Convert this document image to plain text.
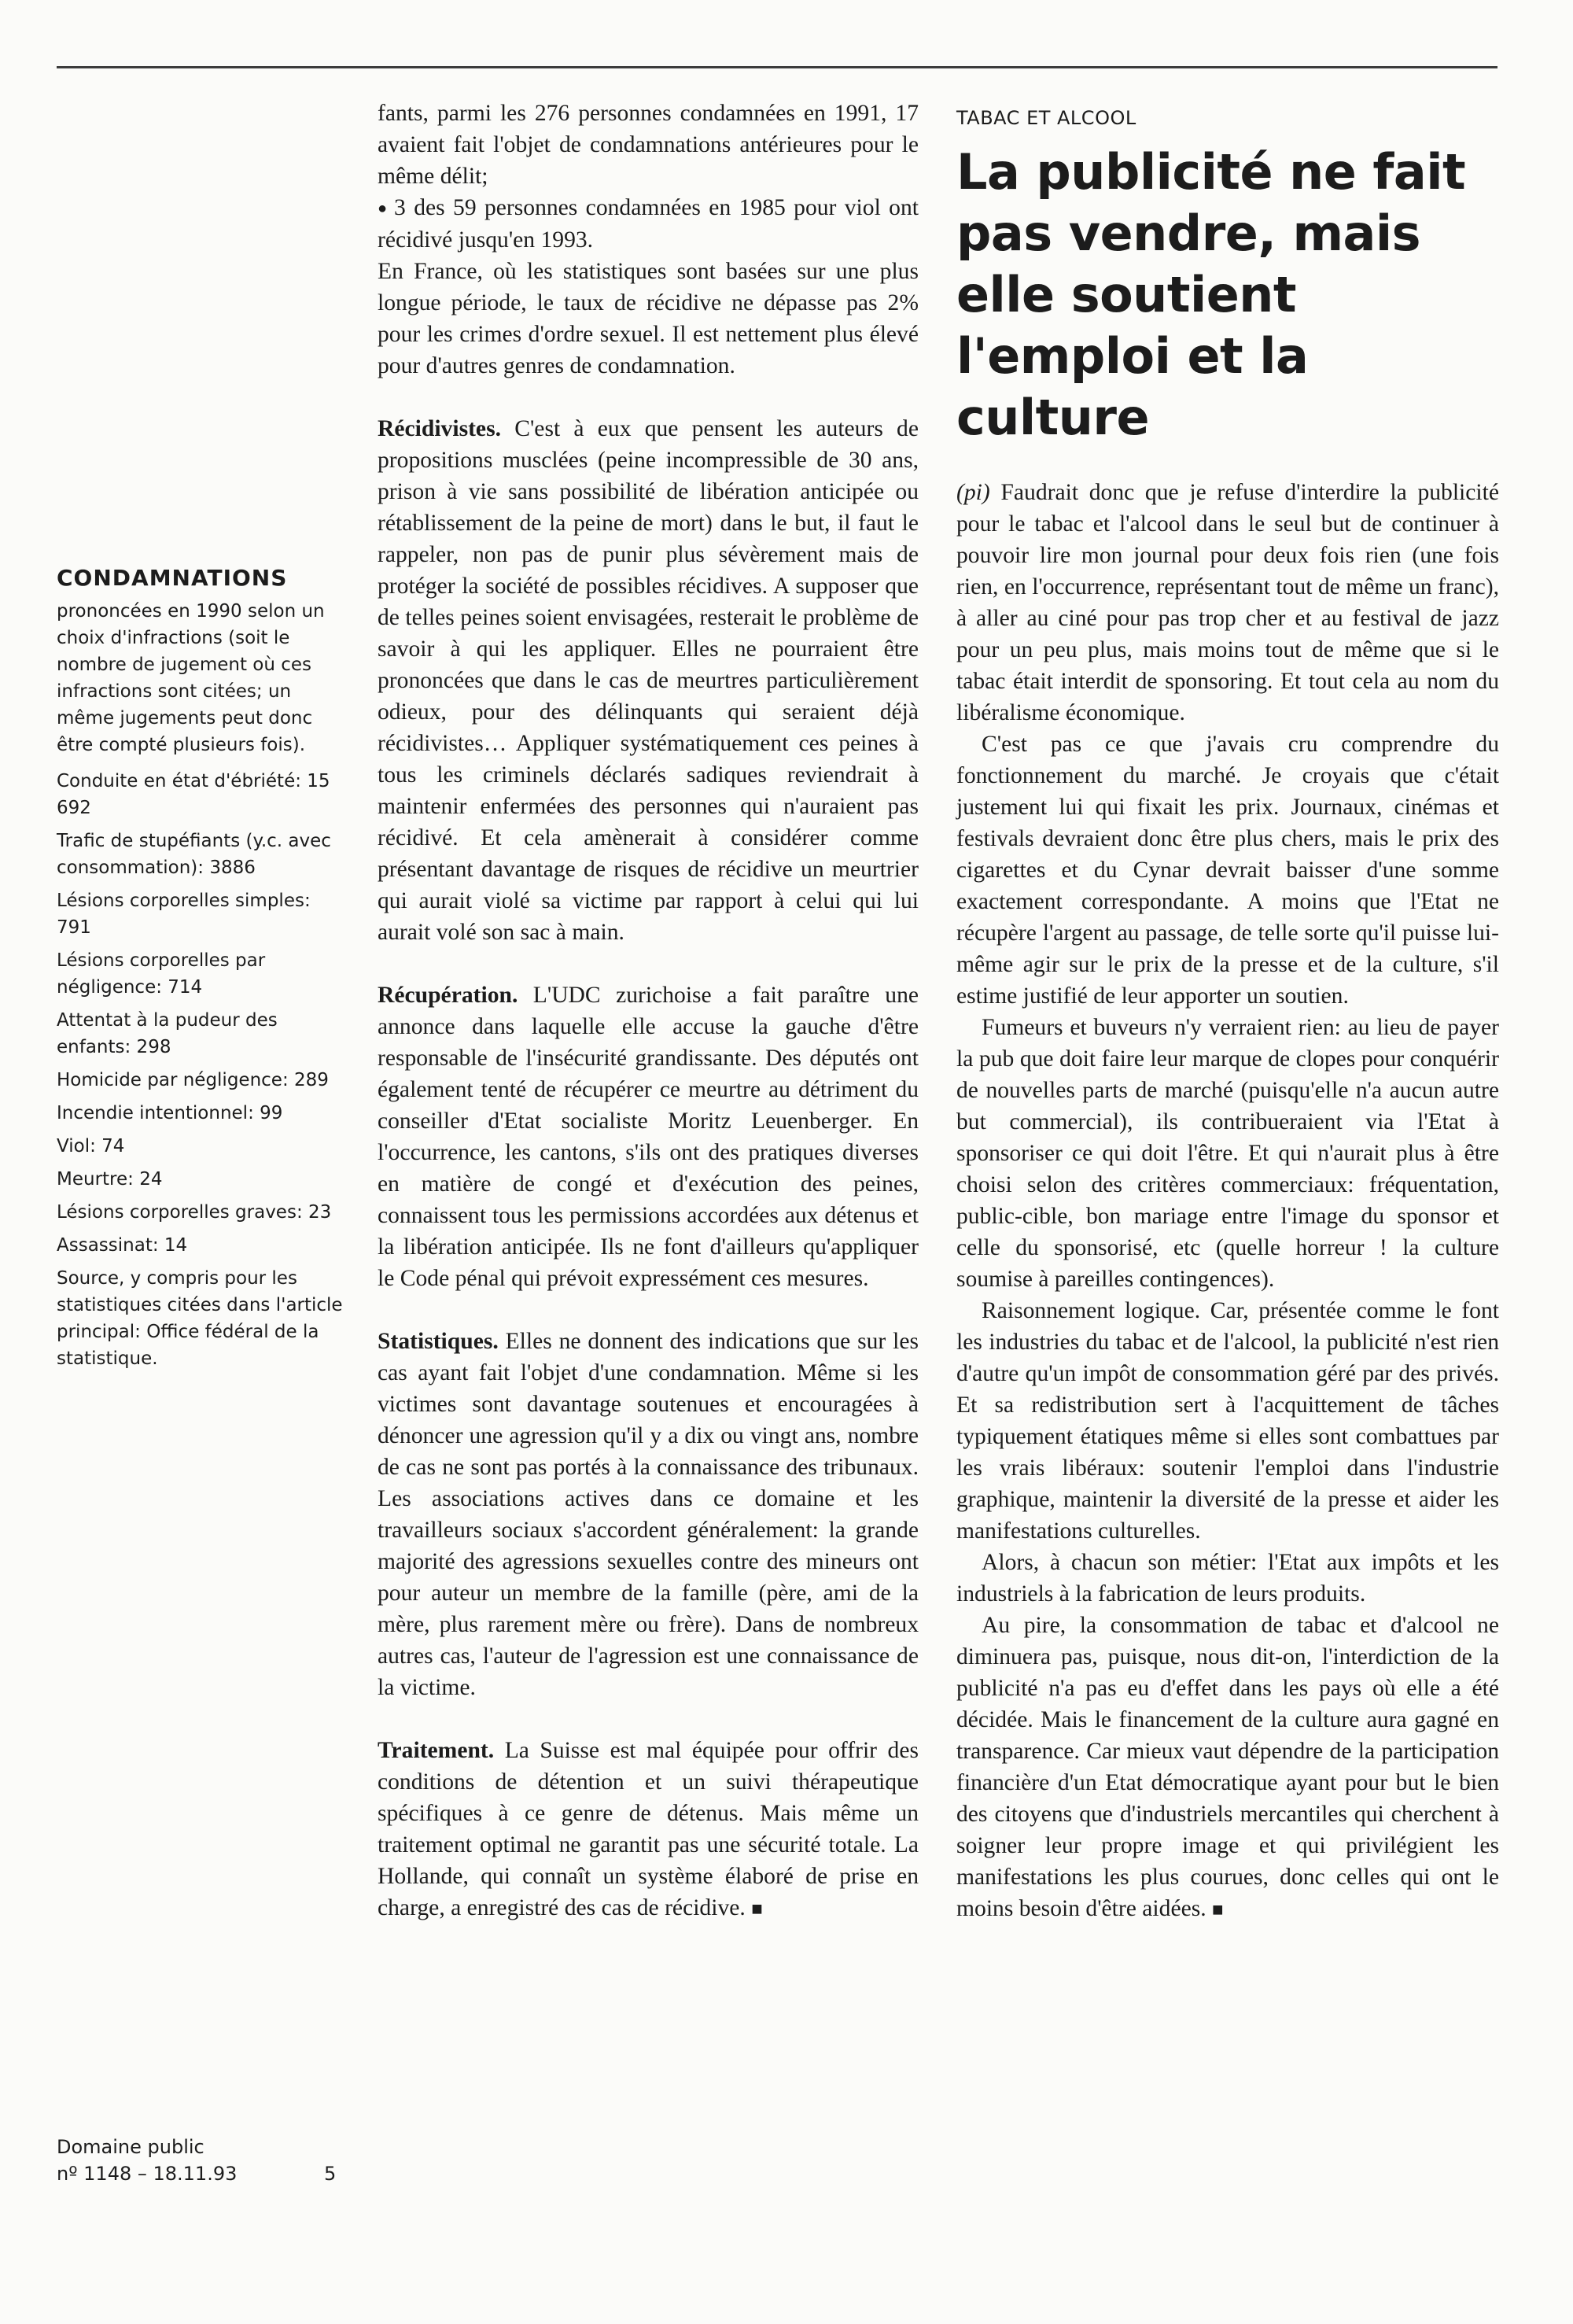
CONDAMNATIONS

prononcées en 1990 selon un choix d'infractions (soit le nombre de jugement où ces infractions sont citées; un même jugements peut donc être compté plusieurs fois).

Conduite en état d'ébriété: 15 692
Trafic de stupéfiants (y.c. avec consommation): 3886
Lésions corporelles simples: 791
Lésions corporelles par négligence: 714
Attentat à la pudeur des enfants: 298
Homicide par négligence: 289
Incendie intentionnel: 99
Viol: 74
Meurtre: 24
Lésions corporelles graves: 23
Assassinat: 14

Source, y compris pour les statistiques citées dans l'article principal: Office fédéral de la statistique.

fants, parmi les 276 personnes condamnées en 1991, 17 avaient fait l'objet de condamnations antérieures pour le même délit;

● 3 des 59 personnes condamnées en 1985 pour viol ont récidivé jusqu'en 1993.

En France, où les statistiques sont basées sur une plus longue période, le taux de récidive ne dépasse pas 2% pour les crimes d'ordre sexuel. Il est nettement plus élevé pour d'autres genres de condamnation.

Récidivistes. C'est à eux que pensent les auteurs de propositions musclées (peine incompressible de 30 ans, prison à vie sans possibilité de libération anticipée ou rétablissement de la peine de mort) dans le but, il faut le rappeler, non pas de punir plus sévèrement mais de protéger la société de possibles récidives. A supposer que de telles peines soient envisagées, resterait le problème de savoir à qui les appliquer. Elles ne pourraient être prononcées que dans le cas de meurtres particulièrement odieux, pour des délinquants qui seraient déjà récidivistes… Appliquer systématiquement ces peines à tous les criminels déclarés sadiques reviendrait à maintenir enfermées des personnes qui n'auraient pas récidivé. Et cela amènerait à considérer comme présentant davantage de risques de récidive un meurtrier qui aurait violé sa victime par rapport à celui qui lui aurait volé son sac à main.

Récupération. L'UDC zurichoise a fait paraître une annonce dans laquelle elle accuse la gauche d'être responsable de l'insécurité grandissante. Des députés ont également tenté de récupérer ce meurtre au détriment du conseiller d'Etat socialiste Moritz Leuenberger. En l'occurrence, les cantons, s'ils ont des pratiques diverses en matière de congé et d'exécution des peines, connaissent tous les permissions accordées aux détenus et la libération anticipée. Ils ne font d'ailleurs qu'appliquer le Code pénal qui prévoit expressément ces mesures.

Statistiques. Elles ne donnent des indications que sur les cas ayant fait l'objet d'une condamnation. Même si les victimes sont davantage soutenues et encouragées à dénoncer une agression qu'il y a dix ou vingt ans, nombre de cas ne sont pas portés à la connaissance des tribunaux. Les associations actives dans ce domaine et les travailleurs sociaux s'accordent généralement: la grande majorité des agressions sexuelles contre des mineurs ont pour auteur un membre de la famille (père, ami de la mère, plus rarement mère ou frère). Dans de nombreux autres cas, l'auteur de l'agression est une connaissance de la victime.

Traitement. La Suisse est mal équipée pour offrir des conditions de détention et un suivi thérapeutique spécifiques à ce genre de détenus. Mais même un traitement optimal ne garantit pas une sécurité totale. La Hollande, qui connaît un système élaboré de prise en charge, a enregistré des cas de récidive. ■

TABAC ET ALCOOL

La publicité ne fait pas vendre, mais elle soutient l'emploi et la culture

(pi) Faudrait donc que je refuse d'interdire la publicité pour le tabac et l'alcool dans le seul but de continuer à pouvoir lire mon journal pour deux fois rien (une fois rien, en l'occurrence, représentant tout de même un franc), à aller au ciné pour pas trop cher et au festival de jazz pour un peu plus, mais moins tout de même que si le tabac était interdit de sponsoring. Et tout cela au nom du libéralisme économique.

C'est pas ce que j'avais cru comprendre du fonctionnement du marché. Je croyais que c'était justement lui qui fixait les prix. Journaux, cinémas et festivals devraient donc être plus chers, mais le prix des cigarettes et du Cynar devrait baisser d'une somme exactement correspondante. A moins que l'Etat ne récupère l'argent au passage, de telle sorte qu'il puisse lui-même agir sur le prix de la presse et de la culture, s'il estime justifié de leur apporter un soutien.

Fumeurs et buveurs n'y verraient rien: au lieu de payer la pub que doit faire leur marque de clopes pour conquérir de nouvelles parts de marché (puisqu'elle n'a aucun autre but commercial), ils contribueraient via l'Etat à sponsoriser ce qui doit l'être. Et qui n'aurait plus à être choisi selon des critères commerciaux: fréquentation, public-cible, bon mariage entre l'image du sponsor et celle du sponsorisé, etc (quelle horreur ! la culture soumise à pareilles contingences).

Raisonnement logique. Car, présentée comme le font les industries du tabac et de l'alcool, la publicité n'est rien d'autre qu'un impôt de consommation géré par des privés. Et sa redistribution sert à l'acquittement de tâches typiquement étatiques même si elles sont combattues par les vrais libéraux: soutenir l'emploi dans l'industrie graphique, maintenir la diversité de la presse et aider les manifestations culturelles.

Alors, à chacun son métier: l'Etat aux impôts et les industriels à la fabrication de leurs produits.

Au pire, la consommation de tabac et d'alcool ne diminuera pas, puisque, nous dit-on, l'interdiction de la publicité n'a pas eu d'effet dans les pays où elle a été décidée. Mais le financement de la culture aura gagné en transparence. Car mieux vaut dépendre de la participation financière d'un Etat démocratique ayant pour but le bien des citoyens que d'industriels mercantiles qui cherchent à soigner leur propre image et qui privilégient les manifestations les plus courues, donc celles qui ont le moins besoin d'être aidées. ■

Domaine public
nº 1148 – 18.11.93	5
